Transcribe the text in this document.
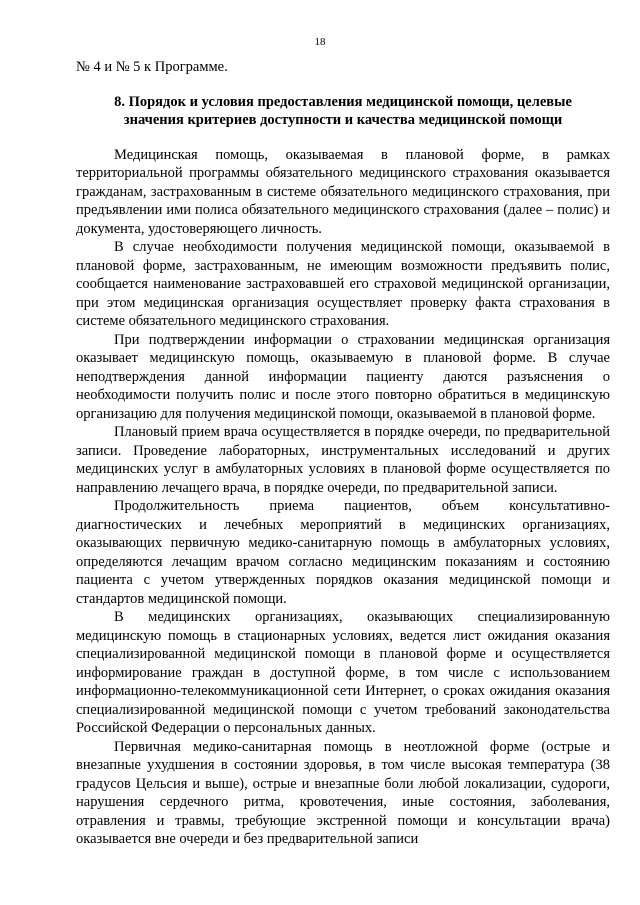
18

№ 4 и № 5 к Программе.

8. Порядок и условия предоставления медицинской помощи, целевые значения критериев доступности и качества медицинской помощи

Медицинская помощь, оказываемая в плановой форме, в рамках территориальной программы обязательного медицинского страхования оказывается гражданам, застрахованным в системе обязательного медицинского страхования, при предъявлении ими полиса обязательного медицинского страхования (далее – полис) и документа, удостоверяющего личность.

В случае необходимости получения медицинской помощи, оказываемой в плановой форме, застрахованным, не имеющим возможности предъявить полис, сообщается наименование застраховавшей его страховой медицинской организации, при этом медицинская организация осуществляет проверку факта страхования в системе обязательного медицинского страхования.

При подтверждении информации о страховании медицинская организация оказывает медицинскую помощь, оказываемую в плановой форме. В случае неподтверждения данной информации пациенту даются разъяснения о необходимости получить полис и после этого повторно обратиться в медицинскую организацию для получения медицинской помощи, оказываемой в плановой форме.

Плановый прием врача осуществляется в порядке очереди, по предварительной записи. Проведение лабораторных, инструментальных исследований и других медицинских услуг в амбулаторных условиях в плановой форме осуществляется по направлению лечащего врача, в порядке очереди, по предварительной записи.

Продолжительность приема пациентов, объем консультативно-диагностических и лечебных мероприятий в медицинских организациях, оказывающих первичную медико-санитарную помощь в амбулаторных условиях, определяются лечащим врачом согласно медицинским показаниям и состоянию пациента с учетом утвержденных порядков оказания медицинской помощи и стандартов медицинской помощи.

В медицинских организациях, оказывающих специализированную медицинскую помощь в стационарных условиях, ведется лист ожидания оказания специализированной медицинской помощи в плановой форме и осуществляется информирование граждан в доступной форме, в том числе с использованием информационно-телекоммуникационной сети Интернет, о сроках ожидания оказания специализированной медицинской помощи с учетом требований законодательства Российской Федерации о персональных данных.

Первичная медико-санитарная помощь в неотложной форме (острые и внезапные ухудшения в состоянии здоровья, в том числе высокая температура (38 градусов Цельсия и выше), острые и внезапные боли любой локализации, судороги, нарушения сердечного ритма, кровотечения, иные состояния, заболевания, отравления и травмы, требующие экстренной помощи и консультации врача) оказывается вне очереди и без предварительной записи
